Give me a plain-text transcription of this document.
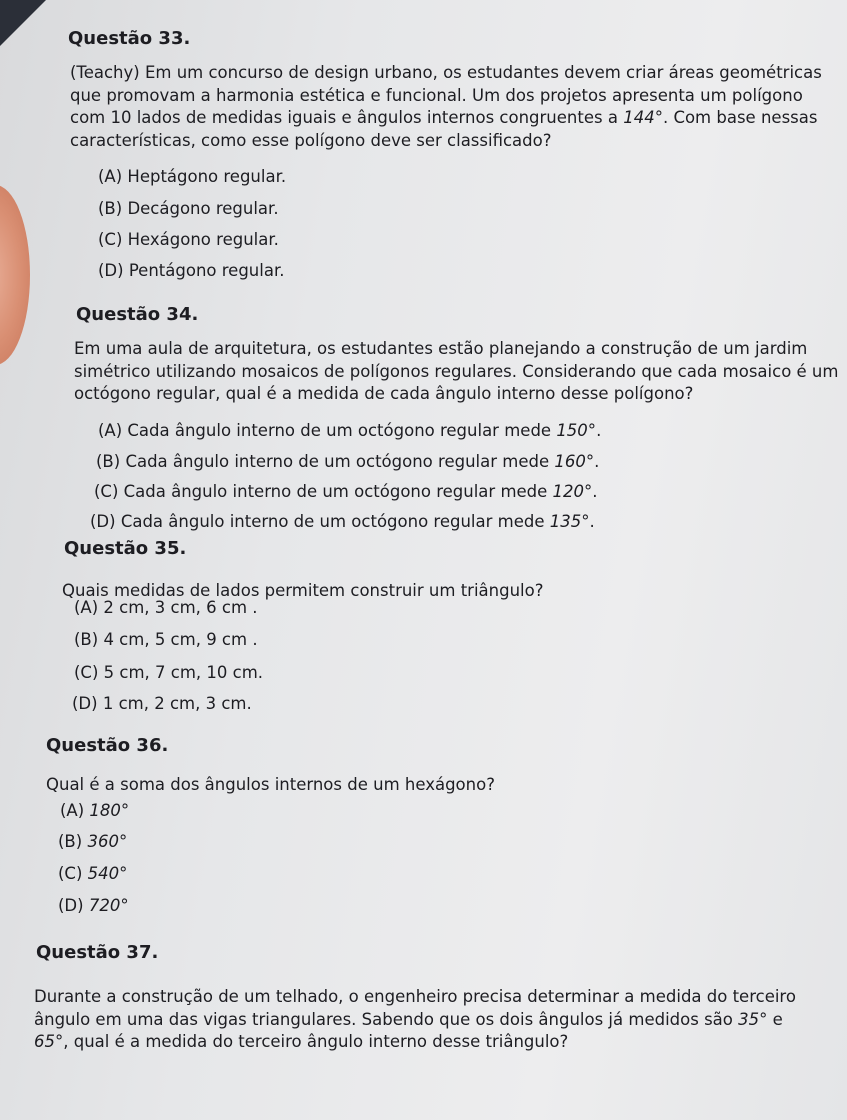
Questão 33.
(Teachy) Em um concurso de design urbano, os estudantes devem criar áreas geométricas
que promovam a harmonia estética e funcional. Um dos projetos apresenta um polígono
com 10 lados de medidas iguais e ângulos internos congruentes a 144°. Com base nessas
características, como esse polígono deve ser classificado?
(A) Heptágono regular.
(B) Decágono regular.
(C) Hexágono regular.
(D) Pentágono regular.
Questão 34.
Em uma aula de arquitetura, os estudantes estão planejando a construção de um jardim
simétrico utilizando mosaicos de polígonos regulares. Considerando que cada mosaico é um
octógono regular, qual é a medida de cada ângulo interno desse polígono?
(A) Cada ângulo interno de um octógono regular mede 150°.
(B) Cada ângulo interno de um octógono regular mede 160°.
(C) Cada ângulo interno de um octógono regular mede 120°.
(D) Cada ângulo interno de um octógono regular mede 135°.
Questão 35.
Quais medidas de lados permitem construir um triângulo?
(A) 2 cm, 3 cm, 6 cm .
(B) 4 cm, 5 cm, 9 cm .
(C) 5 cm, 7 cm, 10 cm.
(D) 1 cm, 2 cm, 3 cm.
Questão 36.
Qual é a soma dos ângulos internos de um hexágono?
(A) 180°
(B) 360°
(C) 540°
(D) 720°
Questão 37.
Durante a construção de um telhado, o engenheiro precisa determinar a medida do terceiro
ângulo em uma das vigas triangulares. Sabendo que os dois ângulos já medidos são 35° e
65°, qual é a medida do terceiro ângulo interno desse triângulo?
